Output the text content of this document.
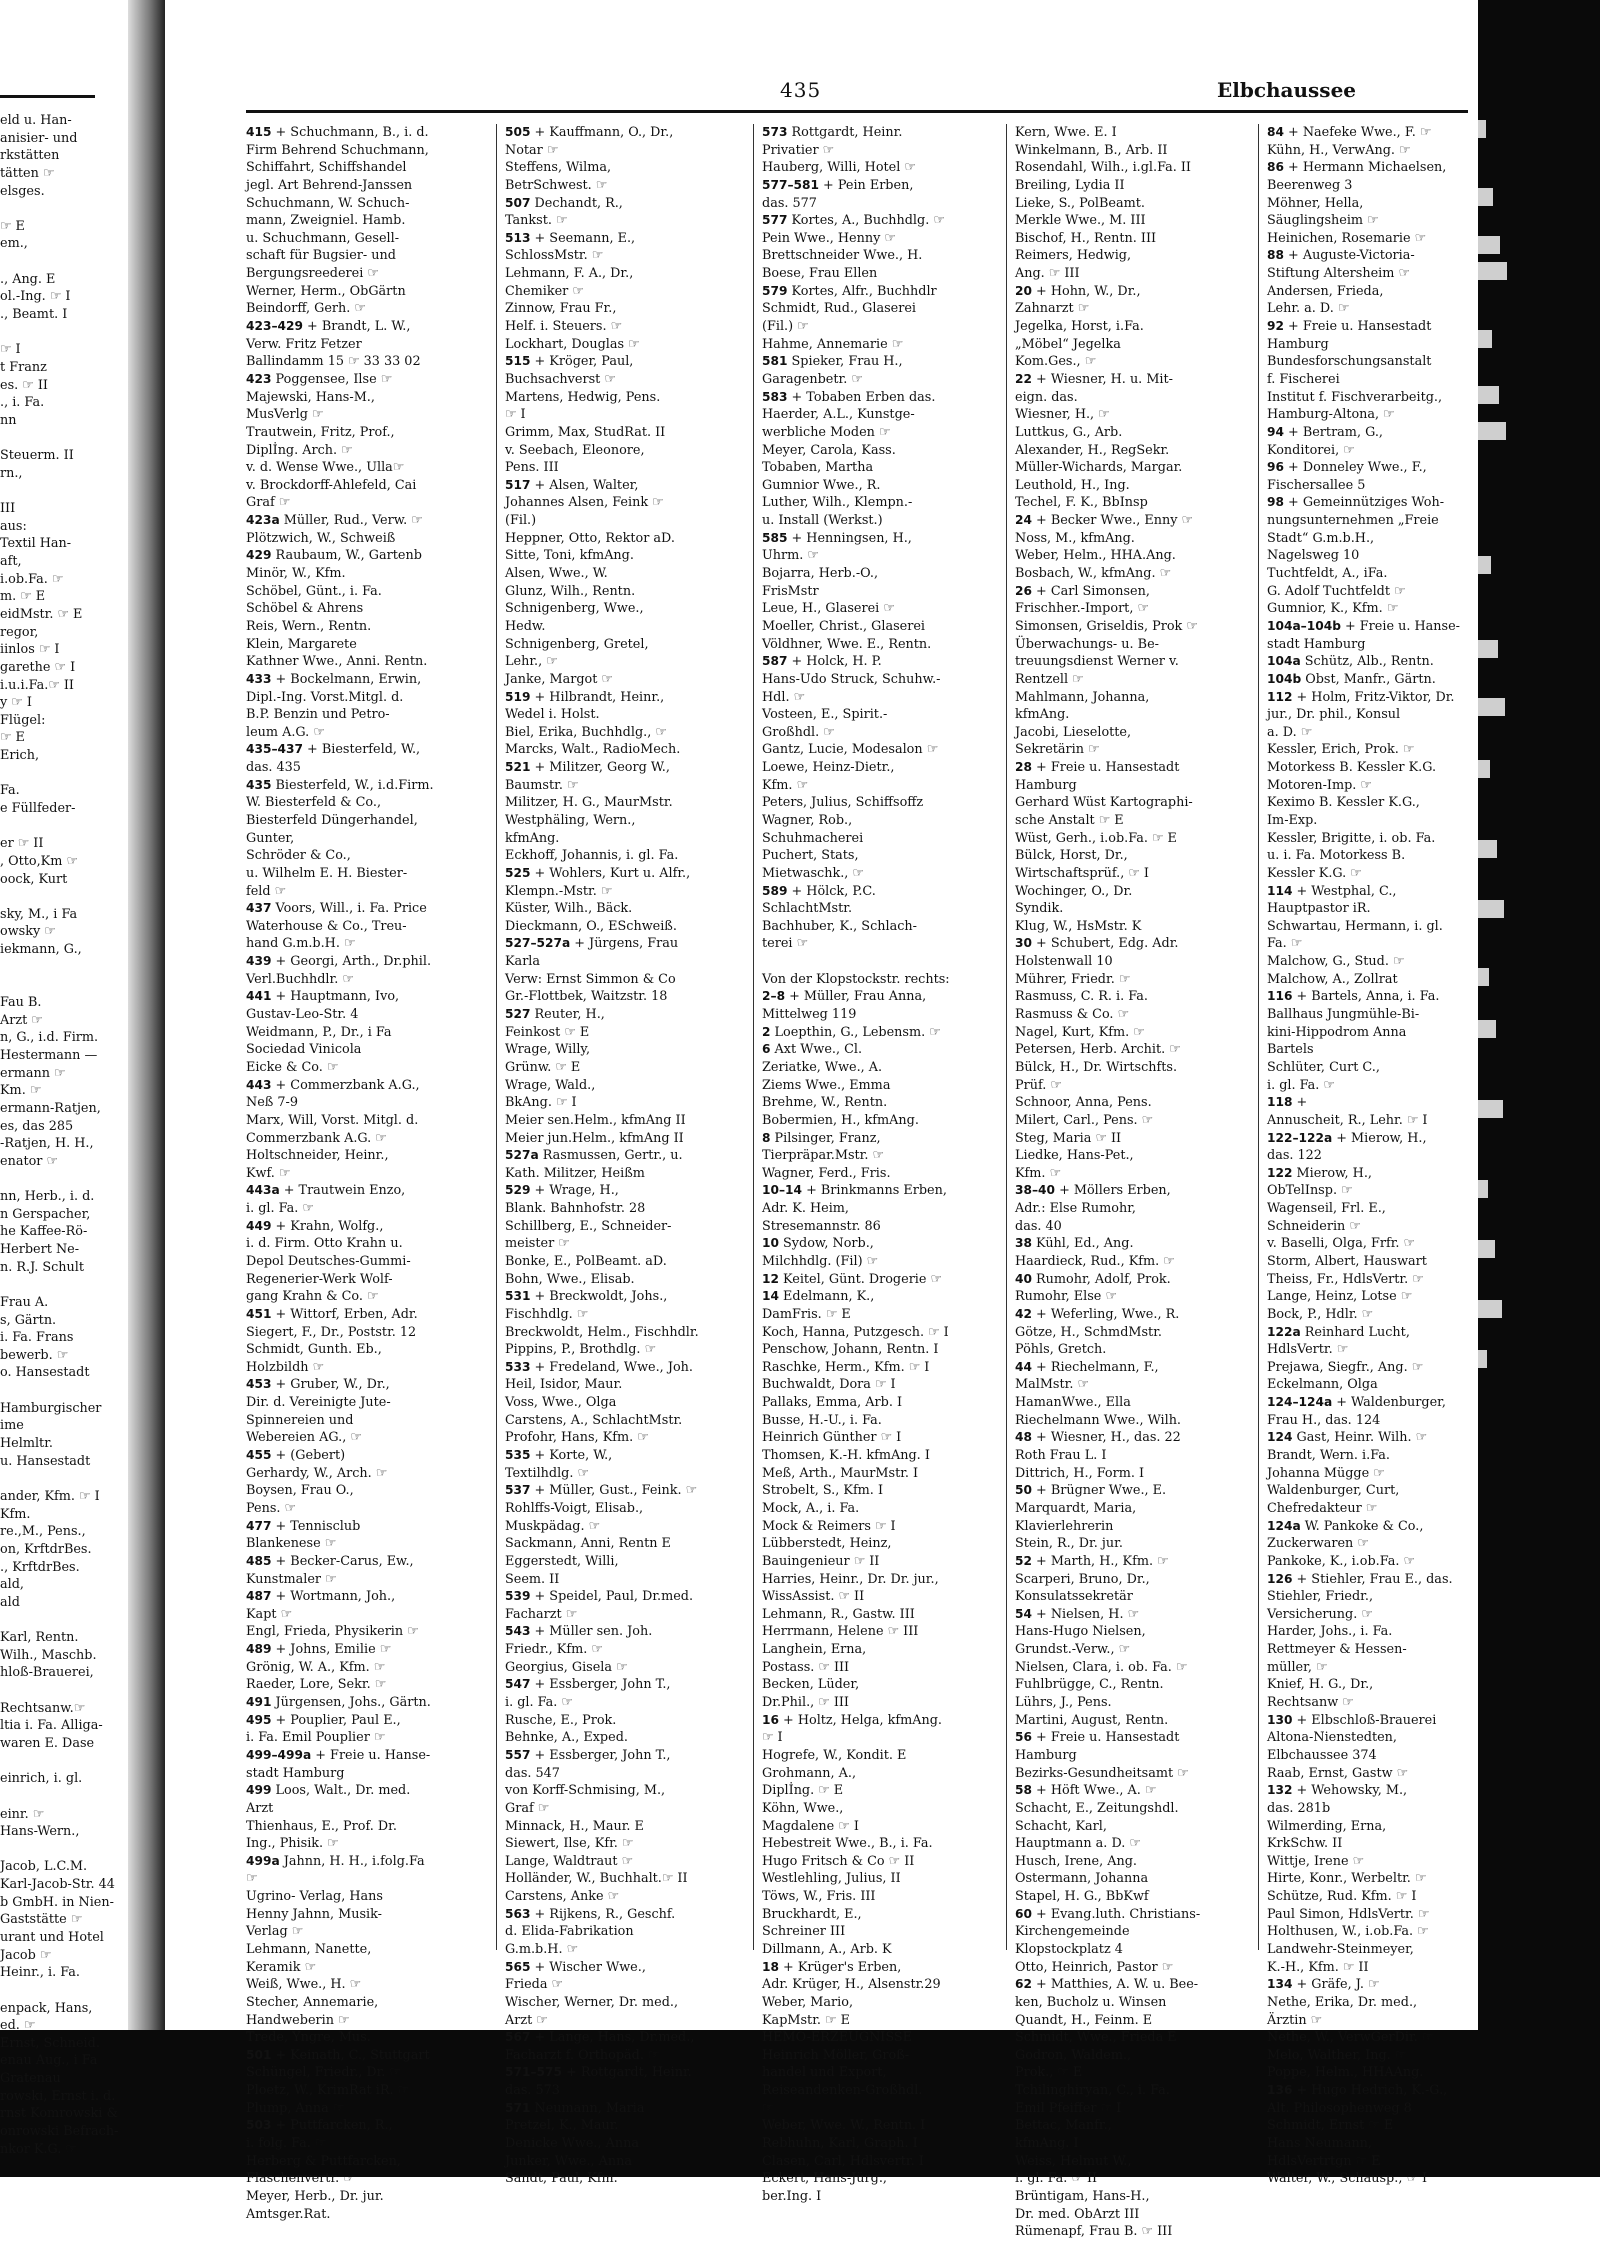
eld u. Han-
anisier- und
rkstätten
tätten ☞
elsges.
☞ E
em.,
., Ang. E
ol.-Ing. ☞ I
., Beamt. I
☞ I
t Franz
es. ☞ II
., i. Fa.
nn
Steuerm. II
rn.,
III
aus:
Textil Han-
aft,
i.ob.Fa. ☞
m. ☞ E
eidMstr. ☞ E
regor,
iinlos ☞ I
garethe ☞ I
i.u.i.Fa.☞ II
y ☞ I
Flügel:
☞ E
Erich,
Fa.
e Füllfeder-
er ☞ II
, Otto,Km ☞
oock, Kurt
sky, M., i Fa
owsky ☞
iekmann, G.,
Fau B.
Arzt ☞
n, G., i.d. Firm.
Hestermann —
ermann ☞
Km. ☞
ermann-Ratjen,
es, das 285
-Ratjen, H. H.,
enator ☞
nn, Herb., i. d.
n Gerspacher,
he Kaffee-Rö-
Herbert Ne-
n. R.J. Schult
Frau A.
s, Gärtn.
i. Fa. Frans
bewerb. ☞
o. Hansestadt
Hamburgischer
ime
Helmltr.
u. Hansestadt
ander, Kfm. ☞ I
Kfm.
re.,M., Pens.,
on, KrftdrBes.
., KrftdrBes.
ald,
ald
Karl, Rentn.
Wilh., Maschb.
hloß-Brauerei,
Rechtsanw.☞
ltia i. Fa. Alliga-
waren E. Dase
einrich, i. gl.
einr. ☞
Hans-Wern.,
Jacob, L.C.M.
Karl-Jacob-Str. 44
b GmbH. in Nien-
Gaststätte ☞
urant und Hotel
Jacob ☞
Heinr., i. Fa.
enpack, Hans,
ed. ☞
Ernst, Schneid.
enau Aug., i Fa
Gratenau
rowski, Ernst i. d.
rnst Komrowski &
onrowski Befrach-
nkor K.G. ☞
435	Elbchaussee
415 + Schuchmann, B., i. d.
Firm Behrend Schuchmann,
Schiffahrt, Schiffshandel
jegl. Art Behrend-Janssen
Schuchmann, W. Schuch-
mann, Zweigniel. Hamb.
u. Schuchmann, Gesell-
schaft für Bugsier- und
Bergungsreederei ☞
Werner, Herm., ObGärtn
Beindorff, Gerh. ☞
423–429 + Brandt, L. W.,
Verw. Fritz Fetzer
Ballindamm 15 ☞ 33 33 02
423 Poggensee, Ilse ☞
Majewski, Hans-M.,
MusVerlg ☞
Trautwein, Fritz, Prof.,
Diplİng. Arch. ☞
v. d. Wense Wwe., Ulla☞
v. Brockdorff-Ahlefeld, Cai
Graf ☞
423a Müller, Rud., Verw. ☞
Plötzwich, W., Schweiß
429 Raubaum, W., Gartenb
Minör, W., Kfm.
Schöbel, Günt., i. Fa.
Schöbel & Ahrens
Reis, Wern., Rentn.
Klein, Margarete
Kathner Wwe., Anni. Rentn.
433 + Bockelmann, Erwin,
Dipl.-Ing. Vorst.Mitgl. d.
B.P. Benzin und Petro-
leum A.G. ☞
435–437 + Biesterfeld, W.,
das. 435
435 Biesterfeld, W., i.d.Firm.
W. Biesterfeld & Co.,
Biesterfeld Düngerhandel,
Gunter,
Schröder & Co.,
u. Wilhelm E. H. Biester-
feld ☞
437 Voors, Will., i. Fa. Price
Waterhouse & Co., Treu-
hand G.m.b.H. ☞
439 + Georgi, Arth., Dr.phil.
Verl.Buchhdlr. ☞
441 + Hauptmann, Ivo,
Gustav-Leo-Str. 4
Weidmann, P., Dr., i Fa
Sociedad Vinicola
Eicke & Co. ☞
443 + Commerzbank A.G.,
Neß 7-9
Marx, Will, Vorst. Mitgl. d.
Commerzbank A.G. ☞
Holtschneider, Heinr.,
Kwf. ☞
443a + Trautwein Enzo,
i. gl. Fa. ☞
449 + Krahn, Wolfg.,
i. d. Firm. Otto Krahn u.
Depol Deutsches-Gummi-
Regenerier-Werk Wolf-
gang Krahn & Co. ☞
451 + Wittorf, Erben, Adr.
Siegert, F., Dr., Poststr. 12
Schmidt, Gunth. Eb.,
Holzbildh ☞
453 + Gruber, W., Dr.,
Dir. d. Vereinigte Jute-
Spinnereien und
Webereien AG., ☞
455 + (Gebert)
Gerhardy, W., Arch. ☞
Boysen, Frau O.,
Pens. ☞
477 + Tennisclub
Blankenese ☞
485 + Becker-Carus, Ew.,
Kunstmaler ☞
487 + Wortmann, Joh.,
Kapt ☞
Engl, Frieda, Physikerin ☞
489 + Johns, Emilie ☞
Grönig, W. A., Kfm. ☞
Raeder, Lore, Sekr. ☞
491 Jürgensen, Johs., Gärtn.
495 + Pouplier, Paul E.,
i. Fa. Emil Pouplier ☞
499–499a + Freie u. Hanse-
stadt Hamburg
499 Loos, Walt., Dr. med.
Arzt
Thienhaus, E., Prof. Dr.
Ing., Phisik. ☞
499a Jahnn, H. H., i.folg.Fa
☞
Ugrino- Verlag, Hans
Henny Jahnn, Musik-
Verlag ☞
Lehmann, Nanette,
Keramik ☞
Weiß, Wwe., H. ☞
Stecher, Annemarie,
Handweberin ☞
Trede, Yngre, Mus.
501 + Keinath, C., Stuttgart
Schüngel, Friedr., Dr. ☞
Ploetz, W., KrimRat iR. ☞
Plump, Anna ☞
503 + Puttfarcken, R.,
i. folg. Fa. ☞
Herberg & Puttfarcken,
Flaschenvertr. ☞
Meyer, Herb., Dr. jur.
Amtsger.Rat.
505 + Kauffmann, O., Dr.,
Notar ☞
Steffens, Wilma,
BetrSchwest. ☞
507 Dechandt, R.,
Tankst. ☞
513 + Seemann, E.,
SchlossMstr. ☞
Lehmann, F. A., Dr.,
Chemiker ☞
Zinnow, Frau Fr.,
Helf. i. Steuers. ☞
Lockhart, Douglas ☞
515 + Kröger, Paul,
Buchsachverst ☞
Martens, Hedwig, Pens.
☞ I
Grimm, Max, StudRat. II
v. Seebach, Eleonore,
Pens. III
517 + Alsen, Walter,
Johannes Alsen, Feink ☞
(Fil.)
Heppner, Otto, Rektor aD.
Sitte, Toni, kfmAng.
Alsen, Wwe., W.
Glunz, Wilh., Rentn.
Schnigenberg, Wwe.,
Hedw.
Schnigenberg, Gretel,
Lehr., ☞
Janke, Margot ☞
519 + Hilbrandt, Heinr.,
Wedel i. Holst.
Biel, Erika, Buchhdlg., ☞
Marcks, Walt., RadioMech.
521 + Militzer, Georg W.,
Baumstr. ☞
Militzer, H. G., MaurMstr.
Westphäling, Wern.,
kfmAng.
Eckhoff, Johannis, i. gl. Fa.
525 + Wohlers, Kurt u. Alfr.,
Klempn.-Mstr. ☞
Küster, Wilh., Bäck.
Dieckmann, O., ESchweiß.
527–527a + Jürgens, Frau
Karla
Verw: Ernst Simmon & Co
Gr.-Flottbek, Waitzstr. 18
527 Reuter, H.,
Feinkost ☞ E
Wrage, Willy,
Grünw. ☞ E
Wrage, Wald.,
BkAng. ☞ I
Meier sen.Helm., kfmAng II
Meier jun.Helm., kfmAng II
527a Rasmussen, Gertr., u.
Kath. Militzer, Heißm
529 + Wrage, H.,
Blank. Bahnhofstr. 28
Schillberg, E., Schneider-
meister ☞
Bonke, E., PolBeamt. aD.
Bohn, Wwe., Elisab.
531 + Breckwoldt, Johs.,
Fischhdlg. ☞
Breckwoldt, Helm., Fischhdlr.
Pippins, P., Brothdlg. ☞
533 + Fredeland, Wwe., Joh.
Heil, Isidor, Maur.
Voss, Wwe., Olga
Carstens, A., SchlachtMstr.
Profohr, Hans, Kfm. ☞
535 + Korte, W.,
Textilhdlg. ☞
537 + Müller, Gust., Feink. ☞
Rohlffs-Voigt, Elisab.,
Muskpädag. ☞
Sackmann, Anni, Rentn E
Eggerstedt, Willi,
Seem. II
539 + Speidel, Paul, Dr.med.
Facharzt ☞
543 + Müller sen. Joh.
Friedr., Kfm. ☞
Georgius, Gisela ☞
547 + Essberger, John T.,
i. gl. Fa. ☞
Rusche, E., Prok.
Behnke, A., Exped.
557 + Essberger, John T.,
das. 547
von Korff-Schmising, M.,
Graf ☞
Minnack, H., Maur. E
Siewert, Ilse, Kfr. ☞
Lange, Waldtraut ☞
Holländer, W., Buchhalt.☞ II
Carstens, Anke ☞
563 + Rijkens, R., Geschf.
d. Elida-Fabrikation
G.m.b.H. ☞
565 + Wischer Wwe.,
Frieda ☞
Wischer, Werner, Dr. med.,
Arzt ☞
567 + Lange, Hans, Dr.med.,
Facharzt f. Orthopäd. ☞
571–575 + Rottgardt, Heinr.
das. 573
571 Neumann, Maria
Pretzel, K., Maur.
Denicke Wwe., Anna
Junker, Wwe., Anna
Sandt, Paul, Kfm.
573 Rottgardt, Heinr.
Privatier ☞
Hauberg, Willi, Hotel ☞
577–581 + Pein Erben,
das. 577
577 Kortes, A., Buchhdlg. ☞
Pein Wwe., Henny ☞
Brettschneider Wwe., H.
Boese, Frau Ellen
579 Kortes, Alfr., Buchhdlr
Schmidt, Rud., Glaserei
(Fil.) ☞
Hahme, Annemarie ☞
581 Spieker, Frau H.,
Garagenbetr. ☞
583 + Tobaben Erben das.
Haerder, A.L., Kunstge-
werbliche Moden ☞
Meyer, Carola, Kass.
Tobaben, Martha
Gumnior Wwe., R.
Luther, Wilh., Klempn.-
u. Install (Werkst.)
585 + Henningsen, H.,
Uhrm. ☞
Bojarra, Herb.-O.,
FrisMstr
Leue, H., Glaserei ☞
Moeller, Christ., Glaserei
Völdhner, Wwe. E., Rentn.
587 + Holck, H. P.
Hans-Udo Struck, Schuhw.-
Hdl. ☞
Vosteen, E., Spirit.-
Großhdl. ☞
Gantz, Lucie, Modesalon ☞
Loewe, Heinz-Dietr.,
Kfm. ☞
Peters, Julius, Schiffsoffz
Wagner, Rob.,
Schuhmacherei
Puchert, Stats,
Mietwaschk., ☞
589 + Hölck, P.C.
SchlachtMstr.
Bachhuber, K., Schlach-
terei ☞
Von der Klopstockstr. rechts:
2–8 + Müller, Frau Anna,
Mittelweg 119
2 Loepthin, G., Lebensm. ☞
6 Axt Wwe., Cl.
Zeriatke, Wwe., A.
Ziems Wwe., Emma
Brehme, W., Rentn.
Bobermien, H., kfmAng.
8 Pilsinger, Franz,
Tierpräpar.Mstr. ☞
Wagner, Ferd., Fris.
10–14 + Brinkmanns Erben,
Adr. K. Heim,
Stresemannstr. 86
10 Sydow, Norb.,
Milchhdlg. (Fil) ☞
12 Keitel, Günt. Drogerie ☞
14 Edelmann, K.,
DamFris. ☞ E
Koch, Hanna, Putzgesch. ☞ I
Penschow, Johann, Rentn. I
Raschke, Herm., Kfm. ☞ I
Buchwaldt, Dora ☞ I
Pallaks, Emma, Arb. I
Busse, H.-U., i. Fa.
Heinrich Günther ☞ I
Thomsen, K.-H. kfmAng. I
Meß, Arth., MaurMstr. I
Strobelt, S., Kfm. I
Mock, A., i. Fa.
Mock & Reimers ☞ I
Lübberstedt, Heinz,
Bauingenieur ☞ II
Harries, Heinr., Dr. Dr. jur.,
WissAssist. ☞ II
Lehmann, R., Gastw. III
Herrmann, Helene ☞ III
Langhein, Erna,
Postass. ☞ III
Becken, Lüder,
Dr.Phil., ☞ III
16 + Holtz, Helga, kfmAng.
☞ I
Hogrefe, W., Kondit. E
Grohmann, A.,
Diplİng. ☞ E
Köhn, Wwe.,
Magdalene ☞ I
Hebestreit Wwe., B., i. Fa.
Hugo Fritsch & Co ☞ II
Westlehling, Julius, II
Töws, W., Fris. III
Bruckhardt, E.,
Schreiner III
Dillmann, A., Arb. K
18 + Krüger's Erben,
Adr. Krüger, H., Alsenstr.29
Weber, Mario,
KapMstr. ☞ E
HEMO-ERZEUGNISSE
Heinrich Möller, Groß-
handel und Export,
Reiseandenken-Großhdl.
☞
Weber, Wwe. W., Rentn. I
Rebhuhn, Karl, Graph. I
Clasen, Carl, Hdlsvertr. I
Eckert, Hans-Jürg.,
ber.Ing. I
Kern, Wwe. E. I
Winkelmann, B., Arb. II
Rosendahl, Wilh., i.gl.Fa. II
Breiling, Lydia II
Lieke, S., PolBeamt.
Merkle Wwe., M. III
Bischof, H., Rentn. III
Reimers, Hedwig,
Ang. ☞ III
20 + Hohn, W., Dr.,
Zahnarzt ☞
Jegelka, Horst, i.Fa.
„Möbel“ Jegelka
Kom.Ges., ☞
22 + Wiesner, H. u. Mit-
eign. das.
Wiesner, H., ☞
Luttkus, G., Arb.
Alexander, H., RegSekr.
Müller-Wichards, Margar.
Leuthold, H., Ing.
Techel, F. K., BbInsp
24 + Becker Wwe., Enny ☞
Noss, M., kfmAng.
Weber, Helm., HHA.Ang.
Bosbach, W., kfmAng. ☞
26 + Carl Simonsen,
Frischher.-Import, ☞
Simonsen, Griseldis, Prok ☞
Überwachungs- u. Be-
treuungsdienst Werner v.
Rentzell ☞
Mahlmann, Johanna,
kfmAng.
Jacobi, Lieselotte,
Sekretärin ☞
28 + Freie u. Hansestadt
Hamburg
Gerhard Wüst Kartographi-
sche Anstalt ☞ E
Wüst, Gerh., i.ob.Fa. ☞ E
Bülck, Horst, Dr.,
Wirtschaftsprüf., ☞ I
Wochinger, O., Dr.
Syndik.
Klug, W., HsMstr. K
30 + Schubert, Edg. Adr.
Holstenwall 10
Mührer, Friedr. ☞
Rasmuss, C. R. i. Fa.
Rasmuss & Co. ☞
Nagel, Kurt, Kfm. ☞
Petersen, Herb. Archit. ☞
Bülck, H., Dr. Wirtschfts.
Prüf. ☞
Schnoor, Anna, Pens.
Milert, Carl., Pens. ☞
Steg, Maria ☞ II
Liedke, Hans-Pet.,
Kfm. ☞
38–40 + Möllers Erben,
Adr.: Else Rumohr,
das. 40
38 Kühl, Ed., Ang.
Haardieck, Rud., Kfm. ☞
40 Rumohr, Adolf, Prok.
Rumohr, Else ☞
42 + Weferling, Wwe., R.
Götze, H., SchmdMstr.
Pöhls, Gretch.
44 + Riechelmann, F.,
MalMstr. ☞
HamanWwe., Ella
Riechelmann Wwe., Wilh.
48 + Wiesner, H., das. 22
Roth Frau L. I
Dittrich, H., Form. I
50 + Brügner Wwe., E.
Marquardt, Maria,
Klavierlehrerin
Stein, R., Dr. jur.
52 + Marth, H., Kfm. ☞
Scarperi, Bruno, Dr.,
Konsulatssekretär
54 + Nielsen, H. ☞
Hans-Hugo Nielsen,
Grundst.-Verw., ☞
Nielsen, Clara, i. ob. Fa. ☞
Fuhlbrügge, C., Rentn.
Lührs, J., Pens.
Martini, August, Rentn.
56 + Freie u. Hansestadt
Hamburg
Bezirks-Gesundheitsamt ☞
58 + Höft Wwe., A. ☞
Schacht, E., Zeitungshdl.
Schacht, Karl,
Hauptmann a. D. ☞
Husch, Irene, Ang.
Ostermann, Johanna
Stapel, H. G., BbKwf
60 + Evang.luth. Christians-
Kirchengemeinde
Klopstockplatz 4
Otto, Heinrich, Pastor ☞
62 + Matthies, A. W. u. Bee-
ken, Bucholz u. Winsen
Quandt, H., Feinm. E
Schmidt, Wwe., Frieda E
Godron, Waldem.,
Prok., ☞ E
Tchilinghiryan, C., i. Fa.
Emil Pfeiffer ☞ I
Bettac, Manfr.,
kfmAng. I
Weiss, Helmut W.,
i. gl. Fa. ☞ II
Brüntigam, Hans-H.,
Dr. med. ObArzt III
Rümenapf, Frau B. ☞ III
84 + Naefeke Wwe., F. ☞
Kühn, H., VerwAng. ☞
86 + Hermann Michaelsen,
Beerenweg 3
Möhner, Hella,
Säuglingsheim ☞
Heinichen, Rosemarie ☞
88 + Auguste-Victoria-
Stiftung Altersheim ☞
Andersen, Frieda,
Lehr. a. D. ☞
92 + Freie u. Hansestadt
Hamburg
Bundesforschungsanstalt
f. Fischerei
Institut f. Fischverarbeitg.,
Hamburg-Altona, ☞
94 + Bertram, G.,
Konditorei, ☞
96 + Donneley Wwe., F.,
Fischersallee 5
98 + Gemeinnütziges Woh-
nungsunternehmen „Freie
Stadt“ G.m.b.H.,
Nagelsweg 10
Tuchtfeldt, A., iFa.
G. Adolf Tuchtfeldt ☞
Gumnior, K., Kfm. ☞
104a–104b + Freie u. Hanse-
stadt Hamburg
104a Schütz, Alb., Rentn.
104b Obst, Manfr., Gärtn.
112 + Holm, Fritz-Viktor, Dr.
jur., Dr. phil., Konsul
a. D. ☞
Kessler, Erich, Prok. ☞
Motorkess B. Kessler K.G.
Motoren-Imp. ☞
Keximo B. Kessler K.G.,
Im-Exp.
Kessler, Brigitte, i. ob. Fa.
u. i. Fa. Motorkess B.
Kessler K.G. ☞
114 + Westphal, C.,
Hauptpastor iR.
Schwartau, Hermann, i. gl.
Fa. ☞
Malchow, G., Stud. ☞
Malchow, A., Zollrat
116 + Bartels, Anna, i. Fa.
Ballhaus Jungmühle-Bi-
kini-Hippodrom Anna
Bartels
Schlüter, Curt C.,
i. gl. Fa. ☞
118 +
Annuscheit, R., Lehr. ☞ I
122–122a + Mierow, H.,
das. 122
122 Mierow, H.,
ObTelInsp. ☞
Wagenseil, Frl. E.,
Schneiderin ☞
v. Baselli, Olga, Frfr. ☞
Storm, Albert, Hauswart
Theiss, Fr., HdlsVertr. ☞
Lange, Heinz, Lotse ☞
Bock, P., Hdlr. ☞
122a Reinhard Lucht,
HdlsVertr. ☞
Prejawa, Siegfr., Ang. ☞
Eckelmann, Olga
124–124a + Waldenburger,
Frau H., das. 124
124 Gast, Heinr. Wilh. ☞
Brandt, Wern. i.Fa.
Johanna Mügge ☞
Waldenburger, Curt,
Chefredakteur ☞
124a W. Pankoke & Co.,
Zuckerwaren ☞
Pankoke, K., i.ob.Fa. ☞
126 + Stiehler, Frau E., das.
Stiehler, Friedr.,
Versicherung. ☞
Harder, Johs., i. Fa.
Rettmeyer & Hessen-
müller, ☞
Knief, H. G., Dr.,
Rechtsanw ☞
130 + Elbschloß-Brauerei
Altona-Nienstedten,
Elbchaussee 374
Raab, Ernst, Gastw ☞
132 + Wehowsky, M.,
das. 281b
Wilmerding, Erna,
KrkSchw. II
Wittje, Irene ☞
Hirte, Konr., Werbeltr. ☞
Schütze, Rud. Kfm. ☞ I
Paul Simon, HdlsVertr. ☞
Holthusen, W., i.ob.Fa. ☞
Landwehr-Steinmeyer,
K.-H., Kfm. ☞ II
134 + Gräfe, J. ☞
Nethe, Erika, Dr. med.,
Ärztin ☞
Nethe, W., VerwGerDir. ☞
Melo, Walther, Ing. ☞
Poppe, Helm., HHAAng.
136 + Hugo Hedrich, K.-G.,
Alt. Philosophenweg 8
Schmidt, Ernst ☞ E
Hans Neumann,
HdlsVertrtgn ☞ E
Walter, W., Schausp., ☞ I
